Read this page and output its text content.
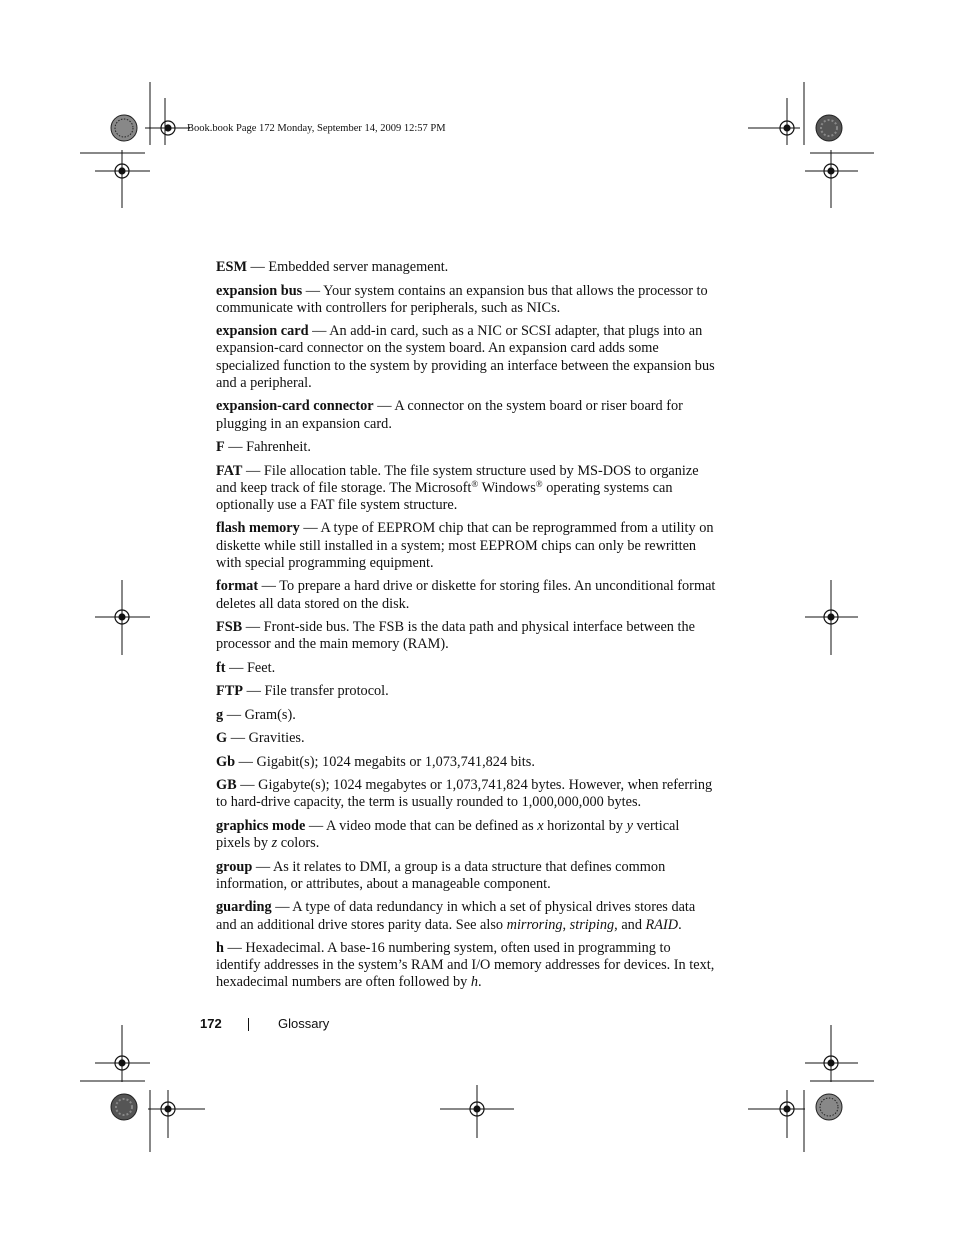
Book.book Page 172 Monday, September 14, 2009 12:57 PM

ESM — Embedded server management.

expansion bus — Your system contains an expansion bus that allows the processor to communicate with controllers for peripherals, such as NICs.

expansion card — An add-in card, such as a NIC or SCSI adapter, that plugs into an expansion-card connector on the system board. An expansion card adds some specialized function to the system by providing an interface between the expansion bus and a peripheral.

expansion-card connector — A connector on the system board or riser board for plugging in an expansion card.

F — Fahrenheit.

FAT — File allocation table. The file system structure used by MS-DOS to organize and keep track of file storage. The Microsoft® Windows® operating systems can optionally use a FAT file system structure.

flash memory — A type of EEPROM chip that can be reprogrammed from a utility on diskette while still installed in a system; most EEPROM chips can only be rewritten with special programming equipment.

format — To prepare a hard drive or diskette for storing files. An unconditional format deletes all data stored on the disk.

FSB — Front-side bus. The FSB is the data path and physical interface between the processor and the main memory (RAM).

ft — Feet.

FTP — File transfer protocol.

g — Gram(s).

G — Gravities.

Gb — Gigabit(s); 1024 megabits or 1,073,741,824 bits.

GB — Gigabyte(s); 1024 megabytes or 1,073,741,824 bytes. However, when referring to hard-drive capacity, the term is usually rounded to 1,000,000,000 bytes.

graphics mode — A video mode that can be defined as x horizontal by y vertical pixels by z colors.

group — As it relates to DMI, a group is a data structure that defines common information, or attributes, about a manageable component.

guarding — A type of data redundancy in which a set of physical drives stores data and an additional drive stores parity data. See also mirroring, striping, and RAID.

h — Hexadecimal. A base-16 numbering system, often used in programming to identify addresses in the system’s RAM and I/O memory addresses for devices. In text, hexadecimal numbers are often followed by h.

172	Glossary
